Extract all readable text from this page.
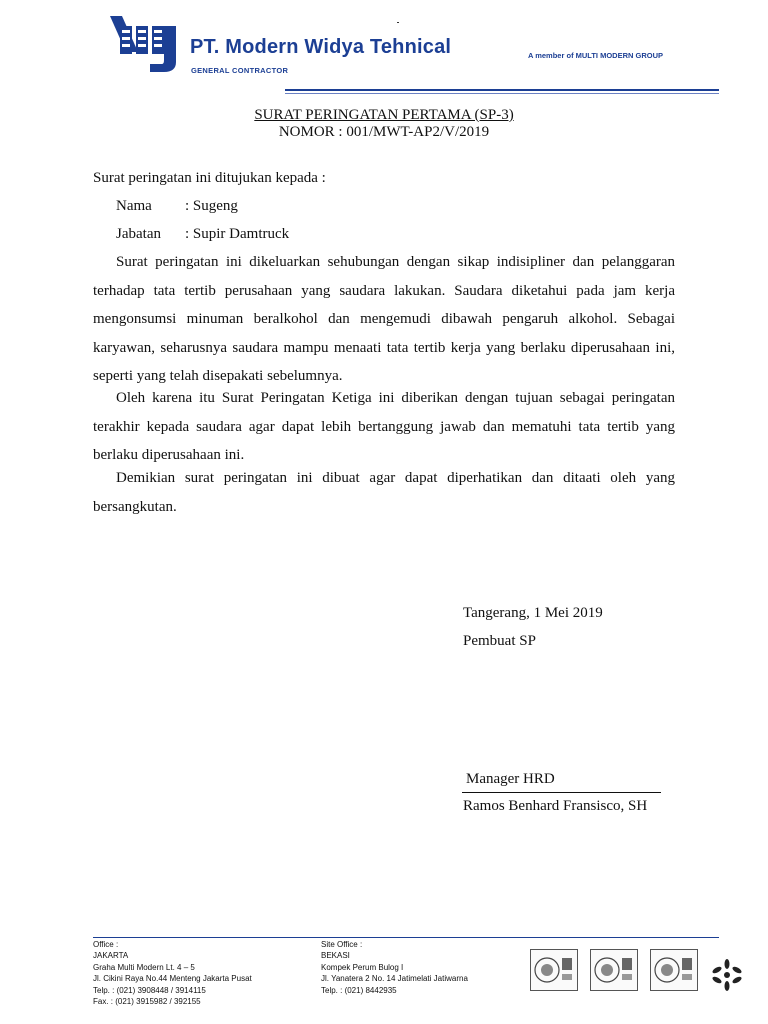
PT. Modern Widya Tehnical
GENERAL CONTRACTOR
A member of MULTI MODERN GROUP
SURAT PERINGATAN PERTAMA (SP-3)
NOMOR : 001/MWT-AP2/V/2019
Surat peringatan ini ditujukan kepada :
Nama : Sugeng
Jabatan : Supir Damtruck
Surat peringatan ini dikeluarkan sehubungan dengan sikap indisipliner dan pelanggaran terhadap tata tertib perusahaan yang saudara lakukan. Saudara diketahui pada jam kerja mengonsumsi minuman beralkohol dan mengemudi dibawah pengaruh alkohol. Sebagai karyawan, seharusnya saudara mampu menaati tata tertib kerja yang berlaku diperusahaan ini, seperti yang telah disepakati sebelumnya.
Oleh karena itu Surat Peringatan Ketiga ini diberikan dengan tujuan sebagai peringatan terakhir kepada saudara agar dapat lebih bertanggung jawab dan mematuhi tata tertib yang berlaku diperusahaan ini.
Demikian surat peringatan ini dibuat agar dapat diperhatikan dan ditaati oleh yang bersangkutan.
Tangerang, 1 Mei 2019
Pembuat SP
Manager HRD
Ramos Benhard Fransisco, SH
Office :
JAKARTA
Graha Multi Modern Lt. 4 – 5
Jl. Cikini Raya No.44 Menteng Jakarta Pusat
Telp. : (021) 3908448 / 3914115
Fax. : (021) 3915982 / 392155
Site Office :
BEKASI
Kompek Perum Bulog I
Jl. Yanatera 2 No. 14 Jatimelati Jatiwarna
Telp. : (021) 8442935
